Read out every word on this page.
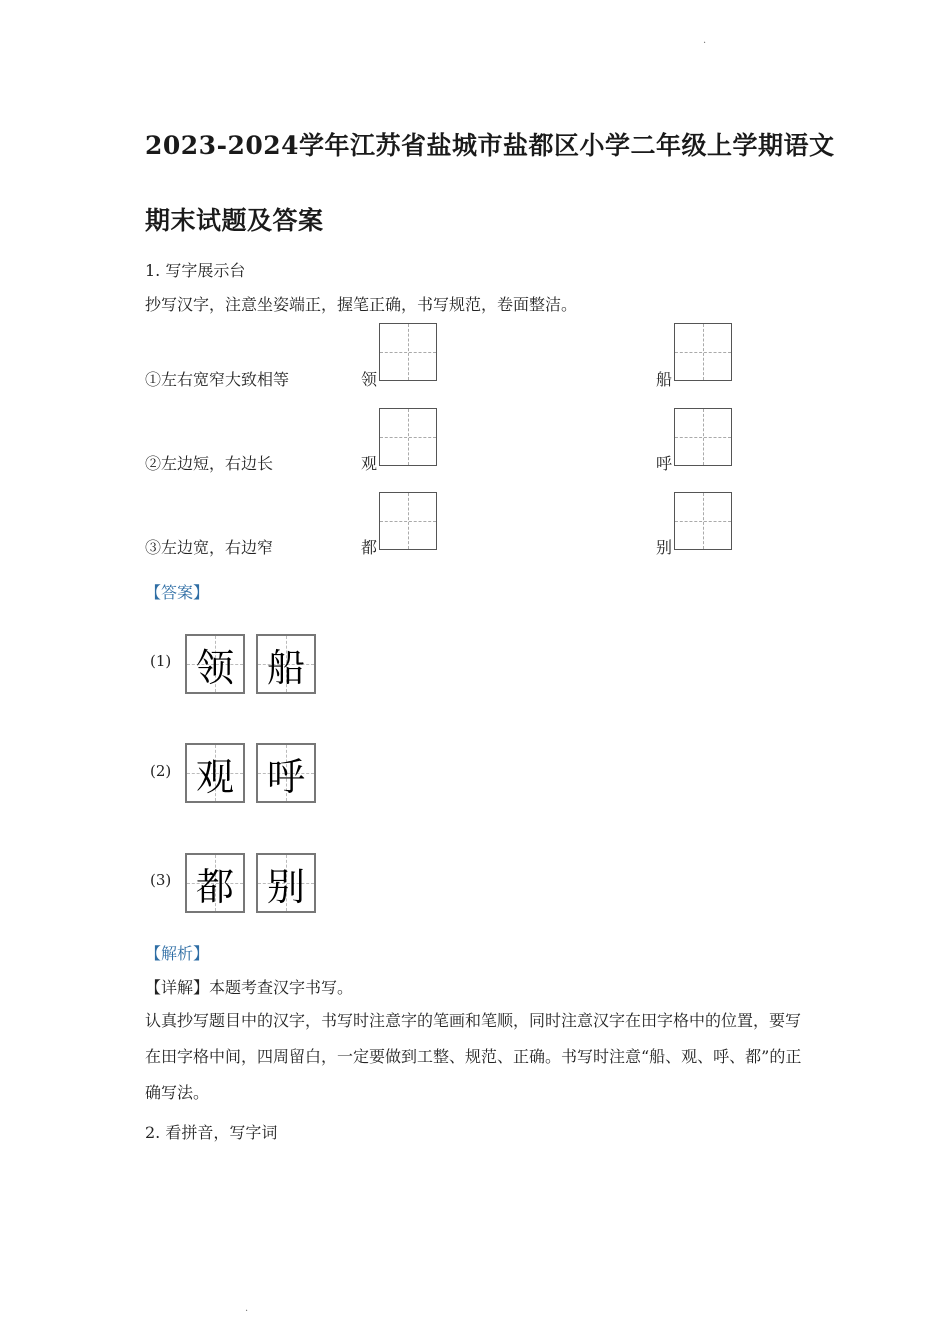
·
2023-2024学年江苏省盐城市盐都区小学二年级上学期语文
期末试题及答案
1. 写字展示台
抄写汉字，注意坐姿端正，握笔正确，书写规范，卷面整洁。
①左右宽窄大致相等	领	船
②左边短，右边长	观	呼
③左边宽，右边窄	都	别
【答案】
(1) 领 船
(2) 观 呼
(3) 都 别
【解析】
【详解】本题考查汉字书写。
认真抄写题目中的汉字，书写时注意字的笔画和笔顺，同时注意汉字在田字格中的位置，要写在田字格中间，四周留白，一定要做到工整、规范、正确。书写时注意“船、观、呼、都”的正确写法。
2. 看拼音，写字词
·
